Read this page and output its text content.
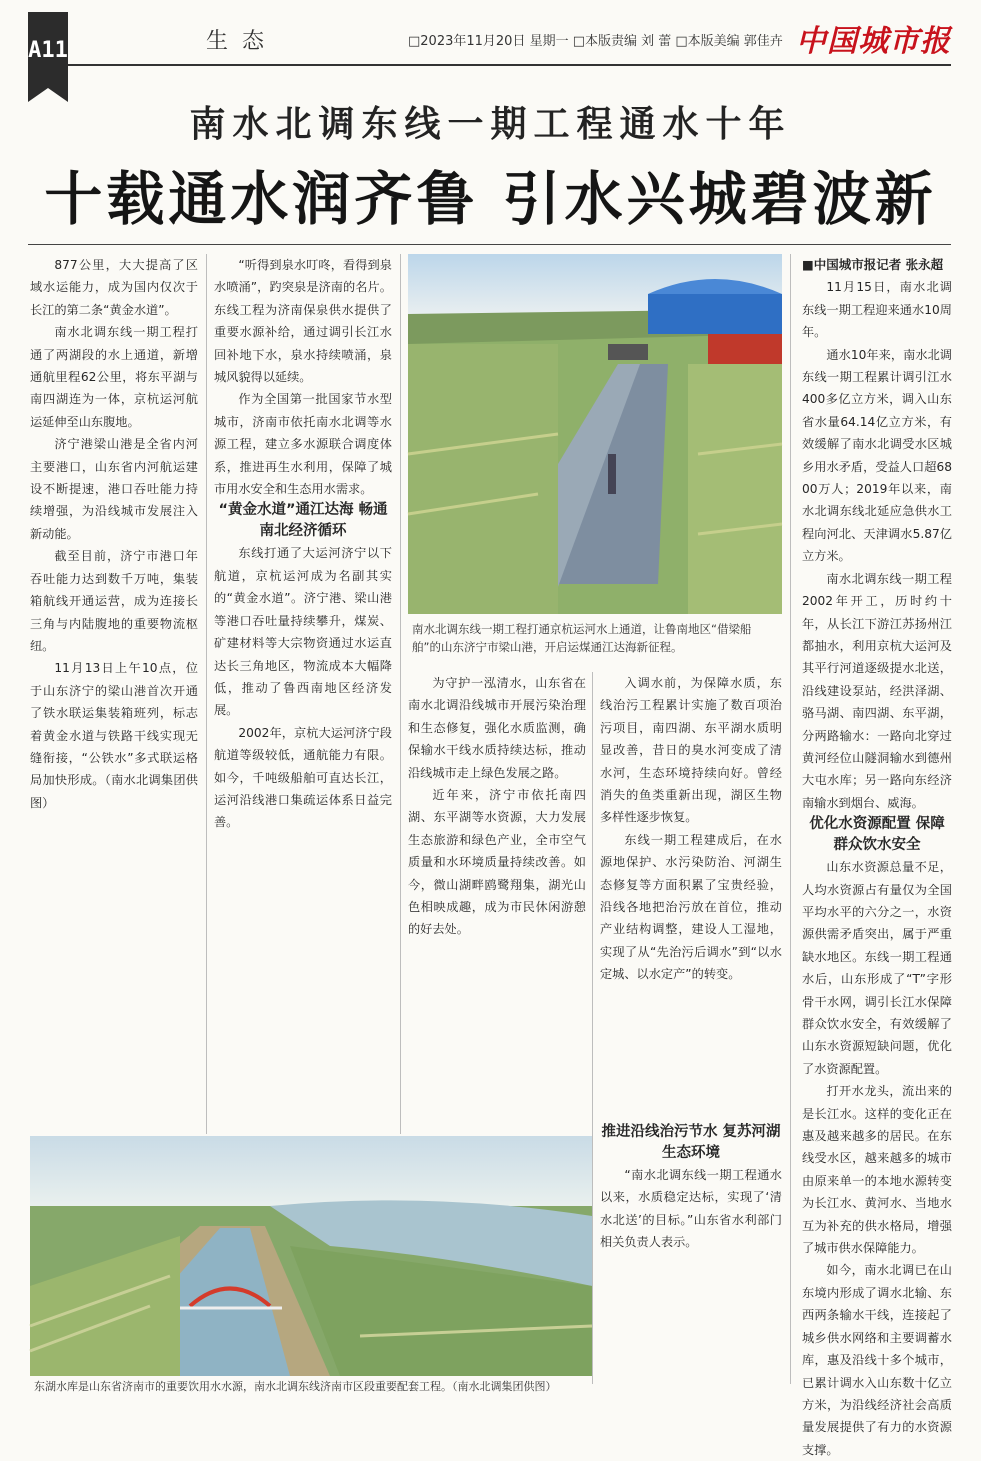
A11	生态	□2023年11月20日 星期一 □本版责编 刘 蕾 □本版美编 郭佳卉 中国城市报
南水北调东线一期工程通水十年
十载通水润齐鲁 引水兴城碧波新

■中国城市报记者 张永超

11月15日，南水北调东线一期工程迎来通水10周年。

通水10年来，南水北调东线一期工程累计调引江水400多亿立方米，调入山东省水量64.14亿立方米，有效缓解了南水北调受水区城乡用水矛盾，受益人口超6800万人；2019年以来，南水北调东线北延应急供水工程向河北、天津调水5.87亿立方米。

南水北调东线一期工程2002年开工，历时约十年，从长江下游江苏扬州江都抽水，利用京杭大运河及其平行河道逐级提水北送，沿线建设泵站，经洪泽湖、骆马湖、南四湖、东平湖，分两路输水：一路向北穿过黄河经位山隧洞输水到德州大屯水库；另一路向东经济南输水到烟台、威海。

优化水资源配置 保障群众饮水安全

山东水资源总量不足，人均水资源占有量仅为全国平均水平的六分之一，水资源供需矛盾突出，属于严重缺水地区。东线一期工程通水后，山东形成了“T”字形骨干水网，调引长江水保障群众饮水安全，有效缓解了山东水资源短缺问题，优化了水资源配置。

打开水龙头，流出来的是长江水。这样的变化正在惠及越来越多的居民。在东线受水区，越来越多的城市由原来单一的本地水源转变为长江水、黄河水、当地水互为补充的供水格局，增强了城市供水保障能力。

如今，南水北调已在山东境内形成了调水北输、东西两条输水干线，连接起了城乡供水网络和主要调蓄水库，惠及沿线十多个城市，已累计调水入山东数十亿立方米，为沿线经济社会高质量发展提供了有力的水资源支撑。

南水北调东线一期工程打通京杭运河水上通道，让鲁南地区“借梁船舶”的山东济宁市梁山港，开启运煤通江达海新征程。

入调水前，为保障水质，东线治污工程累计实施了数百项治污项目，南四湖、东平湖水质明显改善，昔日的臭水河变成了清水河，生态环境持续向好。曾经消失的鱼类重新出现，湖区生物多样性逐步恢复。

东线一期工程建成后，在水源地保护、水污染防治、河湖生态修复等方面积累了宝贵经验，沿线各地把治污放在首位，推动产业结构调整，建设人工湿地，实现了从“先治污后调水”到“以水定城、以水定产”的转变。

推进沿线治污节水 复苏河湖生态环境

“南水北调东线一期工程通水以来，水质稳定达标，实现了‘清水北送’的目标。”山东省水利部门相关负责人表示。

为守护一泓清水，山东省在南水北调沿线城市开展污染治理和生态修复，强化水质监测，确保输水干线水质持续达标，推动沿线城市走上绿色发展之路。

近年来，济宁市依托南四湖、东平湖等水资源，大力发展生态旅游和绿色产业，全市空气质量和水环境质量持续改善。如今，微山湖畔鸥鹭翔集，湖光山色相映成趣，成为市民休闲游憩的好去处。

“听得到泉水叮咚，看得到泉水喷涌”，趵突泉是济南的名片。东线工程为济南保泉供水提供了重要水源补给，通过调引长江水回补地下水，泉水持续喷涌，泉城风貌得以延续。

作为全国第一批国家节水型城市，济南市依托南水北调等水源工程，建立多水源联合调度体系，推进再生水利用，保障了城市用水安全和生态用水需求。

“黄金水道”通江达海 畅通南北经济循环

东线打通了大运河济宁以下航道，京杭运河成为名副其实的“黄金水道”。济宁港、梁山港等港口吞吐量持续攀升，煤炭、矿建材料等大宗物资通过水运直达长三角地区，物流成本大幅降低，推动了鲁西南地区经济发展。

2002年，京杭大运河济宁段航道等级较低，通航能力有限。如今，千吨级船舶可直达长江，运河沿线港口集疏运体系日益完善。

877公里，大大提高了区域水运能力，成为国内仅次于长江的第二条“黄金水道”。

南水北调东线一期工程打通了两湖段的水上通道，新增通航里程62公里，将东平湖与南四湖连为一体，京杭运河航运延伸至山东腹地。

济宁港梁山港是全省内河主要港口，山东省内河航运建设不断提速，港口吞吐能力持续增强，为沿线城市发展注入新动能。

截至目前，济宁市港口年吞吐能力达到数千万吨，集装箱航线开通运营，成为连接长三角与内陆腹地的重要物流枢纽。

11月13日上午10点，位于山东济宁的梁山港首次开通了铁水联运集装箱班列，标志着黄金水道与铁路干线实现无缝衔接，“公铁水”多式联运格局加快形成。（南水北调集团供图）

东湖水库是山东省济南市的重要饮用水水源，南水北调东线济南市区段重要配套工程。（南水北调集团供图）
